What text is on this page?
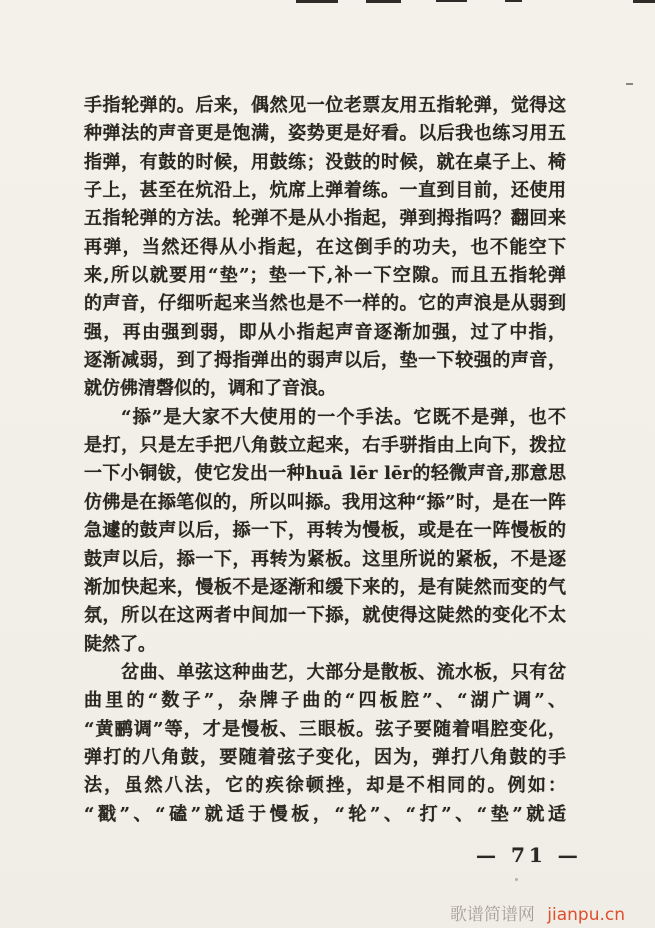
手指轮弹的。后来，偶然见一位老票友用五指轮弹，觉得这
种弹法的声音更是饱满，姿势更是好看。以后我也练习用五
指弹，有鼓的时候，用鼓练；没鼓的时候，就在桌子上、椅
子上，甚至在炕沿上，炕席上弹着练。一直到目前，还使用
五指轮弹的方法。轮弹不是从小指起，弹到拇指吗？翻回来
再弹，当然还得从小指起，在这倒手的功夫，也不能空下
来,所以就要用“垫”；垫一下,补一下空隙。而且五指轮弹
的声音，仔细听起来当然也是不一样的。它的声浪是从弱到
强，再由强到弱，即从小指起声音逐渐加强，过了中指，
逐渐减弱，到了拇指弹出的弱声以后，垫一下较强的声音，
就仿佛清磬似的，调和了音浪。
“掭”是大家不大使用的一个手法。它既不是弹，也不
是打，只是左手把八角鼓立起来，右手骈指由上向下，拨拉
一下小铜钹，使它发出一种huā lēr lēr的轻微声音,那意思
仿佛是在掭笔似的，所以叫掭。我用这种“掭”时，是在一阵
急遽的鼓声以后，掭一下，再转为慢板，或是在一阵慢板的
鼓声以后，掭一下，再转为紧板。这里所说的紧板，不是逐
渐加快起来，慢板不是逐渐和缓下来的，是有陡然而变的气
氛，所以在这两者中间加一下掭，就使得这陡然的变化不太
陡然了。
岔曲、单弦这种曲艺，大部分是散板、流水板，只有岔
曲里的“数子”，杂牌子曲的“四板腔”、“湖广调”、
“黄鹂调”等，才是慢板、三眼板。弦子要随着唱腔变化，
弹打的八角鼓，要随着弦子变化，因为，弹打八角鼓的手
法，虽然八法，它的疾徐顿挫，却是不相同的。例如：
“戳”、“磕”就适于慢板，“轮”、“打”、“垫”就适
— 71 —
歌谱简谱网 jianpu.cn
